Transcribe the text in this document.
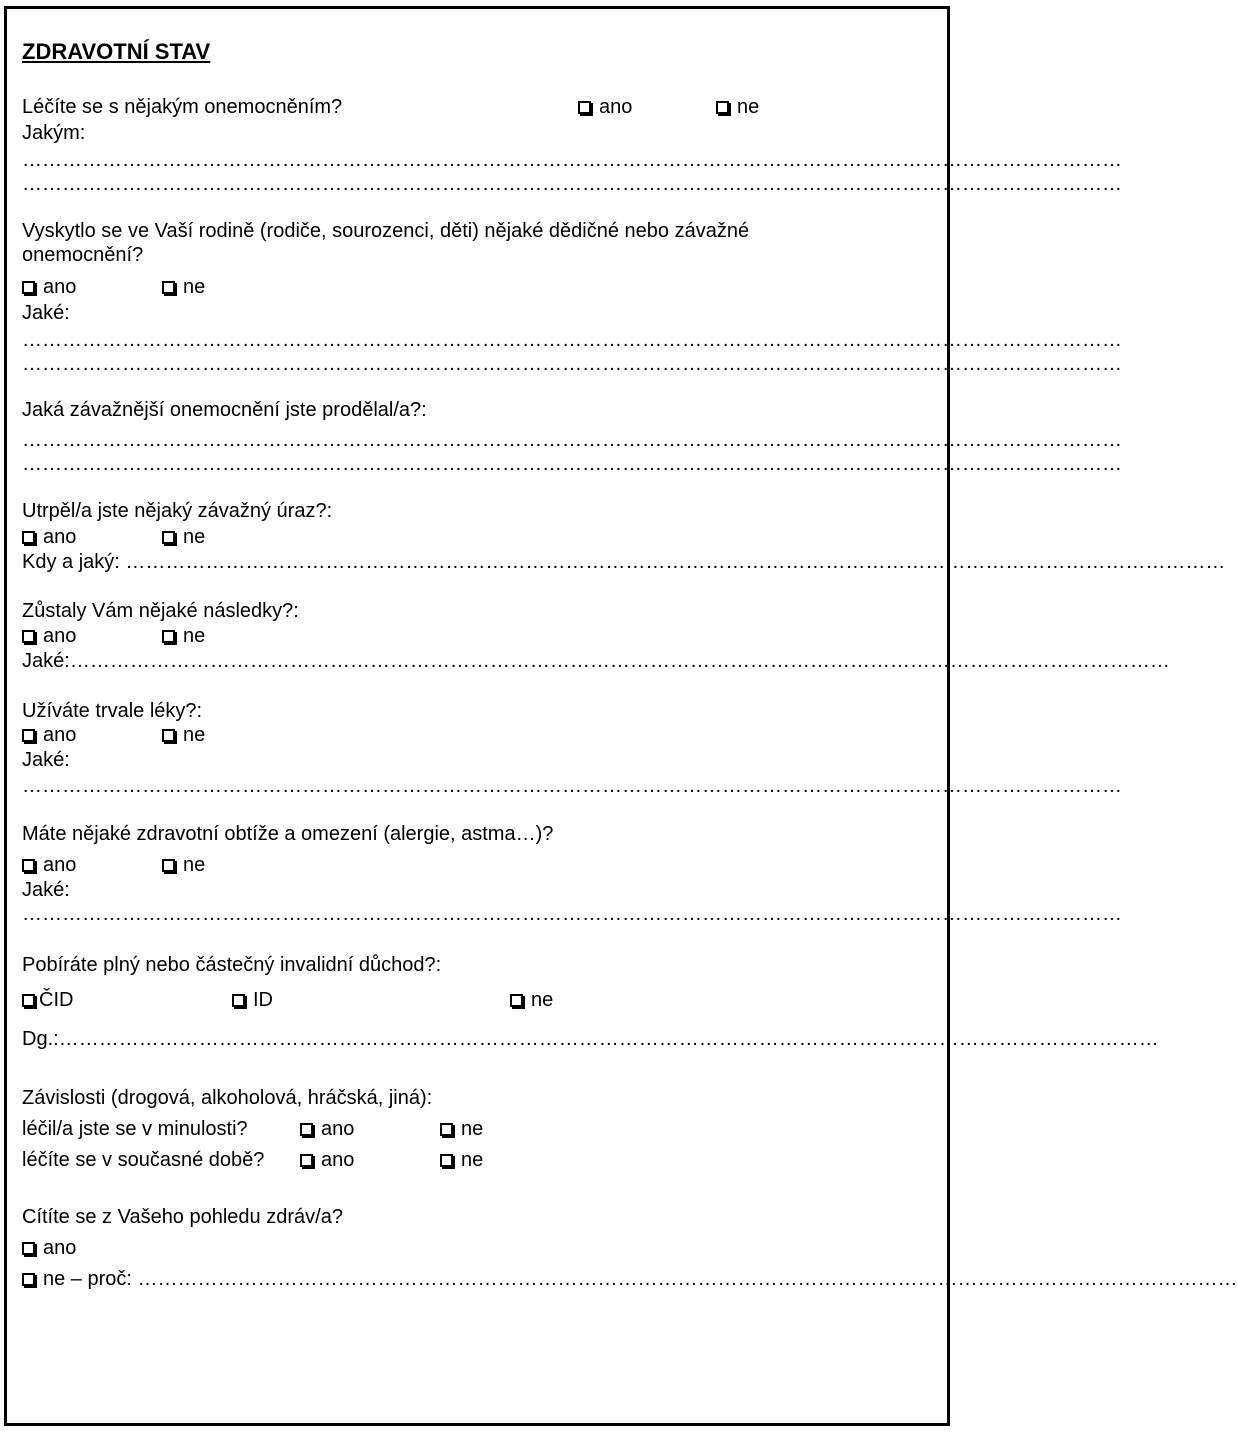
ZDRAVOTNÍ STAV
Léčíte se s nějakým onemocněním?	ano	ne
Jakým:
…………………………………………………………………………………………………………………………………………………
…………………………………………………………………………………………………………………………………………………
Vyskytlo se ve Vaší rodině (rodiče, sourozenci, děti) nějaké dědičné nebo závažné
onemocnění?
ano	ne
Jaké:
…………………………………………………………………………………………………………………………………………………
…………………………………………………………………………………………………………………………………………………
Jaká závažnější onemocnění jste prodělal/a?:
…………………………………………………………………………………………………………………………………………………
…………………………………………………………………………………………………………………………………………………
Utrpěl/a jste nějaký závažný úraz?:
ano	ne
Kdy a jaký: …………………………………………………………………………………………………………………………………………………
Zůstaly Vám nějaké následky?:
ano	ne
Jaké:…………………………………………………………………………………………………………………………………………………
Užíváte trvale léky?:
ano	ne
Jaké:
…………………………………………………………………………………………………………………………………………………
Máte nějaké zdravotní obtíže a omezení (alergie, astma…)?
ano	ne
Jaké:
…………………………………………………………………………………………………………………………………………………
Pobíráte plný nebo částečný invalidní důchod?:
ČID	ID	ne
Dg.:…………………………………………………………………………………………………………………………………………………
Závislosti (drogová, alkoholová, hráčská, jiná):
léčil/a jste se v minulosti?	ano	ne
léčíte se v současné době?	ano	ne
Cítíte se z Vašeho pohledu zdráv/a?
ano
ne – proč: …………………………………………………………………………………………………………………………………………………
